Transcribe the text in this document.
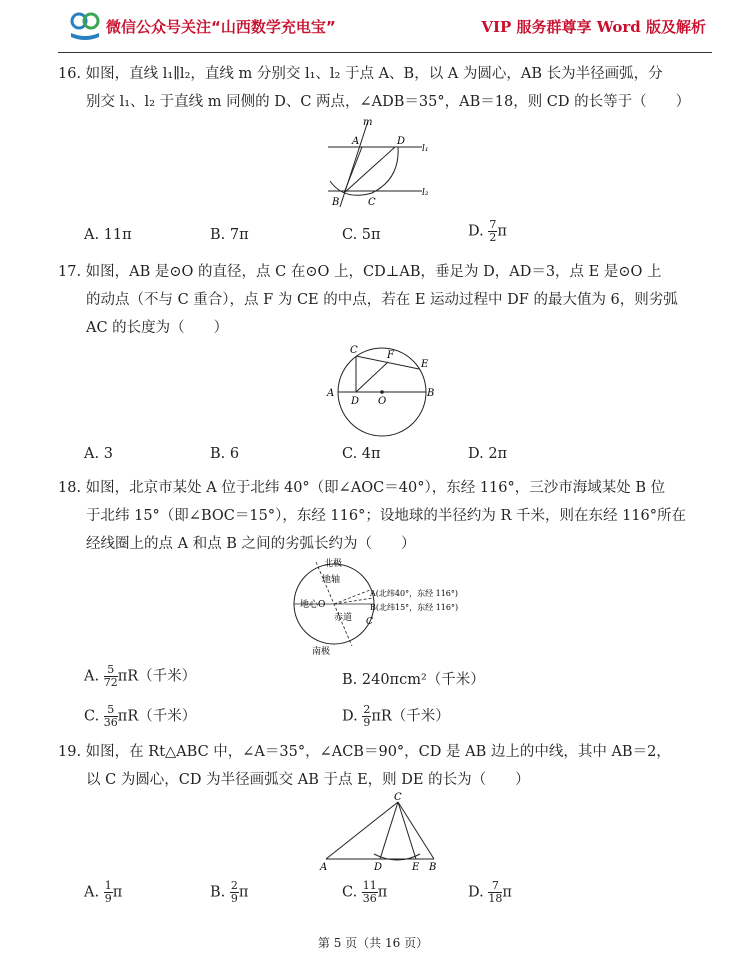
微信公众号关注“山西数学充电宝”	VIP 服务群尊享 Word 版及解析

16. 如图，直线 l₁∥l₂，直线 m 分别交 l₁、l₂ 于点 A、B，以 A 为圆心，AB 长为半径画弧，分

别交 l₁、l₂ 于直线 m 同侧的 D、C 两点，∠ADB＝35°，AB＝18，则 CD 的长等于（　　）

m
A	D
l₁
l₂
B	C
A. 11π	B. 7π	C. 5π	D. $\frac{7}{2}$ π

17. 如图，AB 是⊙O 的直径，点 C 在⊙O 上，CD⊥AB，垂足为 D，AD＝3，点 E 是⊙O 上

的动点（不与 C 重合），点 F 为 CE 的中点，若在 E 运动过程中 DF 的最大值为 6，则劣弧

AC 的长度为（　　）

C	F
E
A
D O
B
A. 3	B. 6	C. 4π	D. 2π

18. 如图，北京市某处 A 位于北纬 40°（即∠AOC＝40°），东经 116°，三沙市海域某处 B 位

于北纬 15°（即∠BOC＝15°），东经 116°；设地球的半径约为 R 千米，则在东经 116°所在

经线圈上的点 A 和点 B 之间的劣弧长约为（　　）

北极
地轴
地心O
赤道
A(北纬40°，东经 116°)
B(北纬15°，东经 116°)
C
南极
A. $\frac{5}{72} \pi R$（千米）	B. 240πcm²（千米）
C. $\frac{5}{36} \pi R$（千米）	D. $\frac{2}{9} \pi R$（千米）

19. 如图，在 Rt△ABC 中，∠A＝35°，∠ACB＝90°，CD 是 AB 边上的中线，其中 AB＝2，

以 C 为圆心，CD 为半径画弧交 AB 于点 E，则 DE 的长为（　　）

C
A	D	E B
A. $\frac{1}{9}$ π	B. $\frac{2}{9}$ π	C. $\frac{11}{36}$ π	D. $\frac{7}{18}$ π
第 5 页（共 16 页）
